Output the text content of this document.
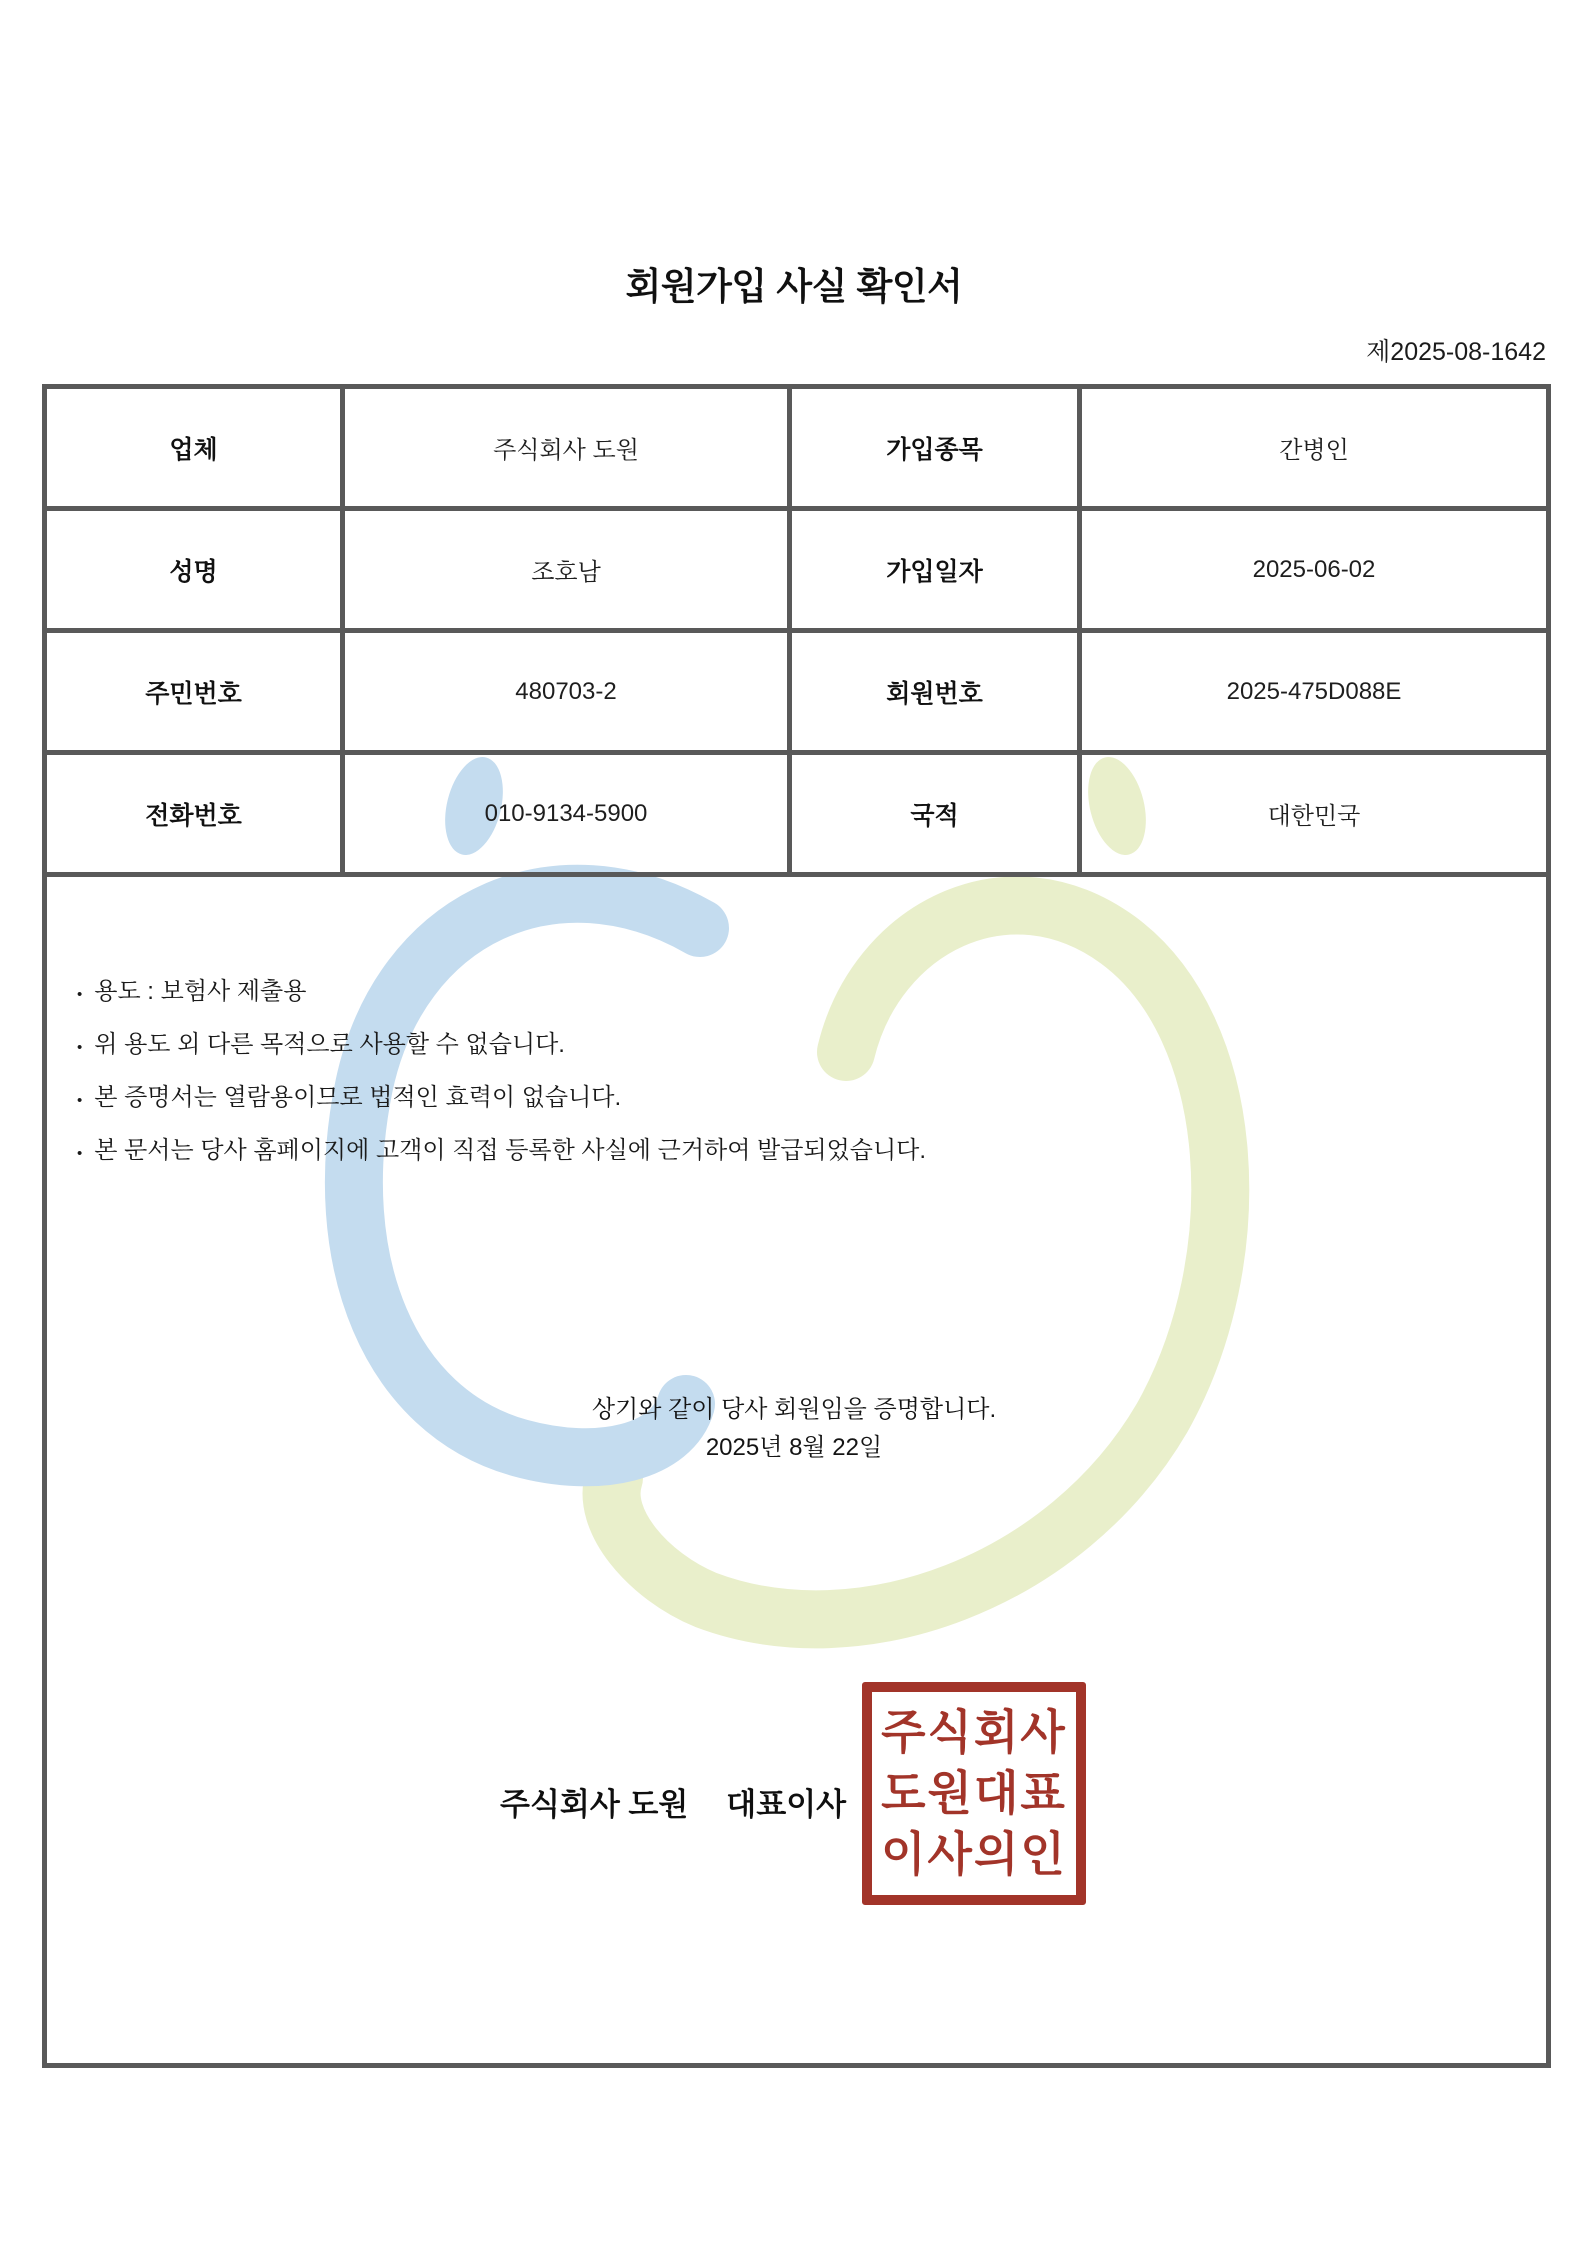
회원가입 사실 확인서
제2025-08-1642
업체	주식회사 도원	가입종목	간병인
성명	조호남	가입일자	2025-06-02
주민번호	480703-2	회원번호	2025-475D088E
전화번호	010-9134-5900	국적	대한민국

• 용도 : 보험사 제출용
• 위 용도 외 다른 목적으로 사용할 수 없습니다.
• 본 증명서는 열람용이므로 법적인 효력이 없습니다.
• 본 문서는 당사 홈페이지에 고객이 직접 등록한 사실에 근거하여 발급되었습니다.
상기와 같이 당사 회원임을 증명합니다.
2025년 8월 22일
주식회사 도원 대표이사
주식회사
도원대표
이사의인
